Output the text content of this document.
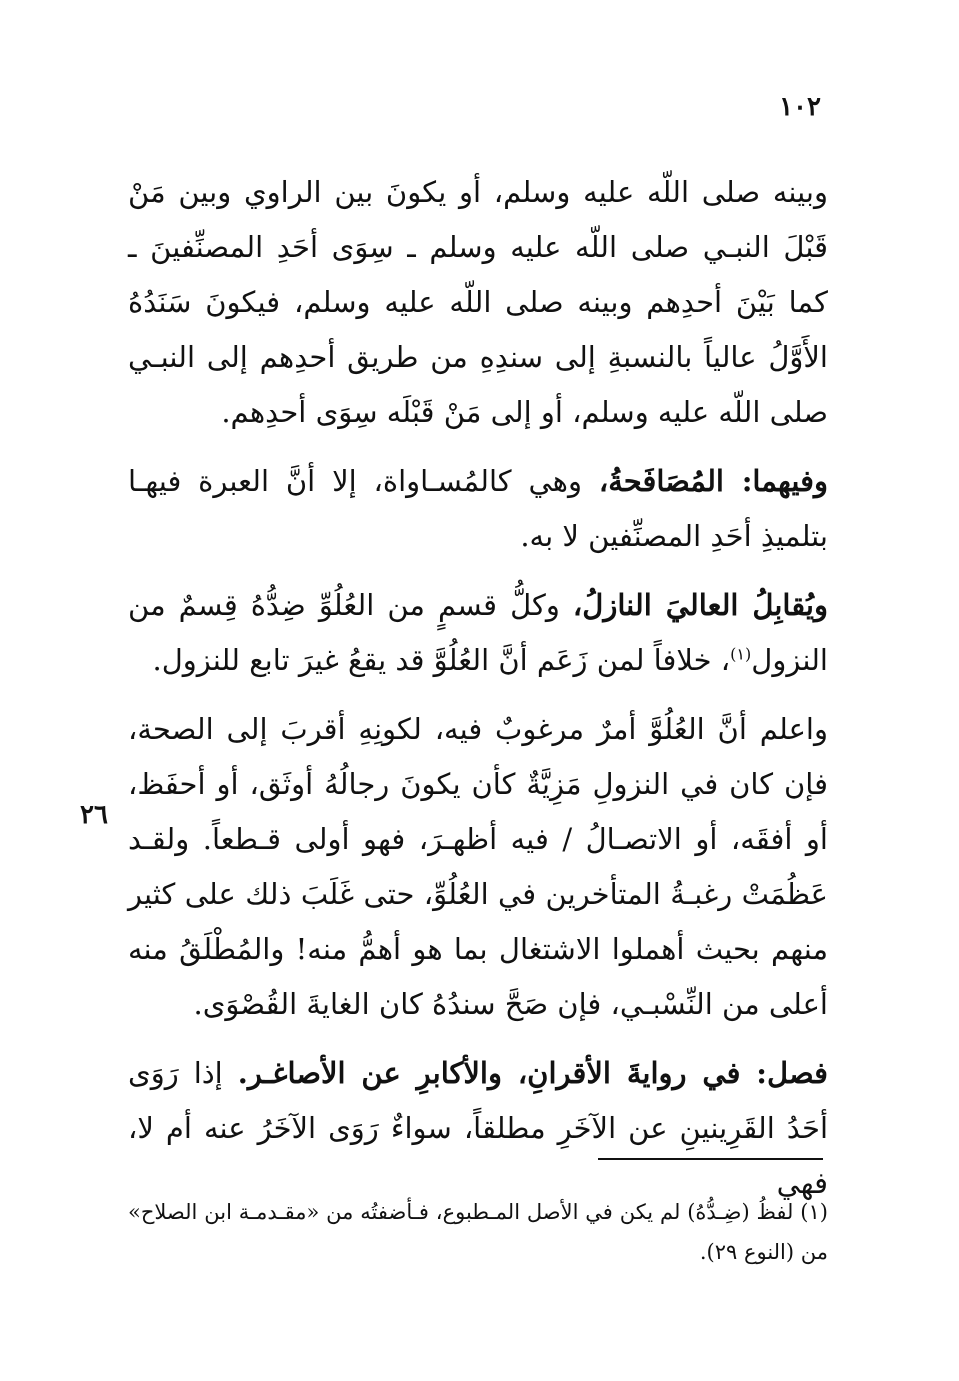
١٠٢
٢٦

وبينه صلى اللّه عليه وسلم، أو يكونَ بين الراوي وبين مَنْ قَبْلَ النبـي صلى اللّه عليه وسلم ـ سِوَى أحَدِ المصنِّفينَ ـ كما بَيْنَ أحدِهم وبينه صلى اللّه عليه وسلم، فيكونَ سَنَدُهُ الأَوَّلُ عالياً بالنسبةِ إلى سندِهِ من طريق أحدِهم إلى النبـي صلى اللّه عليه وسلم، أو إلى مَنْ قَبْلَه سِوَى أحدِهم.

وفيهما: المُصَافَحةُ، وهي كالمُسـاواة، إلا أنَّ العبرة فيهـا بتلميذِ أحَدِ المصنِّفين لا به.

ويُقابِلُ العاليَ النازلُ، وكلُّ قسمٍ من العُلُوِّ ضِدُّهُ قِسمٌ من النزول$^{(١)}$، خلافاً لمن زَعَم أنَّ العُلُوَّ قد يقعُ غيرَ تابع للنزول.

واعلم أنَّ العُلُوَّ أمرٌ مرغوبٌ فيه، لكونِهِ أقربَ إلى الصحة، فإن كان في النزولِ مَزِيَّةٌ كأن يكونَ رجالُهُ أوثَق، أو أحفَظ، أو أفقَه، أو الاتصـالُ / فيه أظهـرَ، فهو أولى قـطعاً. ولقـد عَظُمَتْ رغبـةُ المتأخرين في العُلُوِّ، حتى غَلَبَ ذلك على كثير منهم بحيث أهملوا الاشتغال بما هو أهمُّ منه! والمُطْلَقُ منه أعلى من النِّسْبـي، فإن صَحَّ سندُهُ كان الغايةَ القُصْوَى.

فصل: في روايةَ الأقرانِ، والأكابرِ عن الأصاغـر. إذا رَوَى أحَدُ القَرِينينِ عن الآخَرِ مطلقاً، سواءٌ رَوَى الآخَرُ عنه أم لا، فهي

(١) لفظُ (ضِـدُّهُ) لم يكن في الأصل المـطبوع، فـأضفتُه من «مقـدمـة ابن الصلاح» من (النوع ٢٩).
